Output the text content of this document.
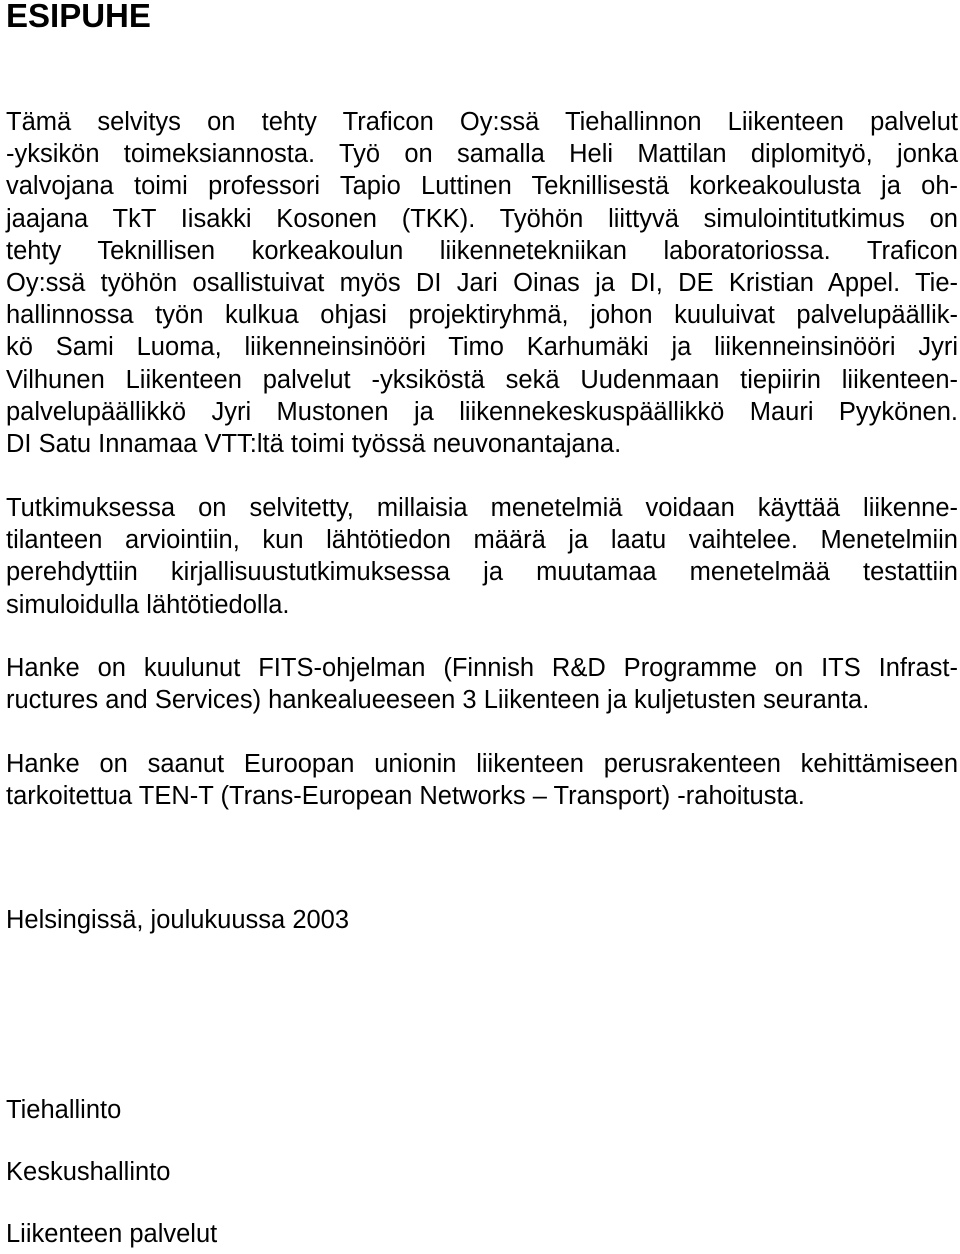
ESIPUHE
Tämä selvitys on tehty Traficon Oy:ssä Tiehallinnon Liikenteen palvelut
-yksikön toimeksiannosta. Työ on samalla Heli Mattilan diplomityö, jonka
valvojana toimi professori Tapio Luttinen Teknillisestä korkeakoulusta ja oh-
jaajana TkT Iisakki Kosonen (TKK). Työhön liittyvä simulointitutkimus on
tehty Teknillisen korkeakoulun liikennetekniikan laboratoriossa. Traficon
Oy:ssä työhön osallistuivat myös DI Jari Oinas ja DI, DE Kristian Appel. Tie-
hallinnossa työn kulkua ohjasi projektiryhmä, johon kuuluivat palvelupäällik-
kö Sami Luoma, liikenneinsinööri Timo Karhumäki ja liikenneinsinööri Jyri
Vilhunen Liikenteen palvelut -yksiköstä sekä Uudenmaan tiepiirin liikenteen-
palvelupäällikkö Jyri Mustonen ja liikennekeskuspäällikkö Mauri Pyykönen.
DI Satu Innamaa VTT:ltä toimi työssä neuvonantajana.
Tutkimuksessa on selvitetty, millaisia menetelmiä voidaan käyttää liikenne-
tilanteen arviointiin, kun lähtötiedon määrä ja laatu vaihtelee. Menetelmiin
perehdyttiin kirjallisuustutkimuksessa ja muutamaa menetelmää testattiin
simuloidulla lähtötiedolla.
Hanke on kuulunut FITS-ohjelman (Finnish R&D Programme on ITS Infrast-
ructures and Services) hankealueeseen 3 Liikenteen ja kuljetusten seuranta.
Hanke on saanut Euroopan unionin liikenteen perusrakenteen kehittämiseen
tarkoitettua TEN-T (Trans-European Networks – Transport) -rahoitusta.

Helsingissä, joulukuussa 2003

Tiehallinto

Keskushallinto

Liikenteen palvelut
